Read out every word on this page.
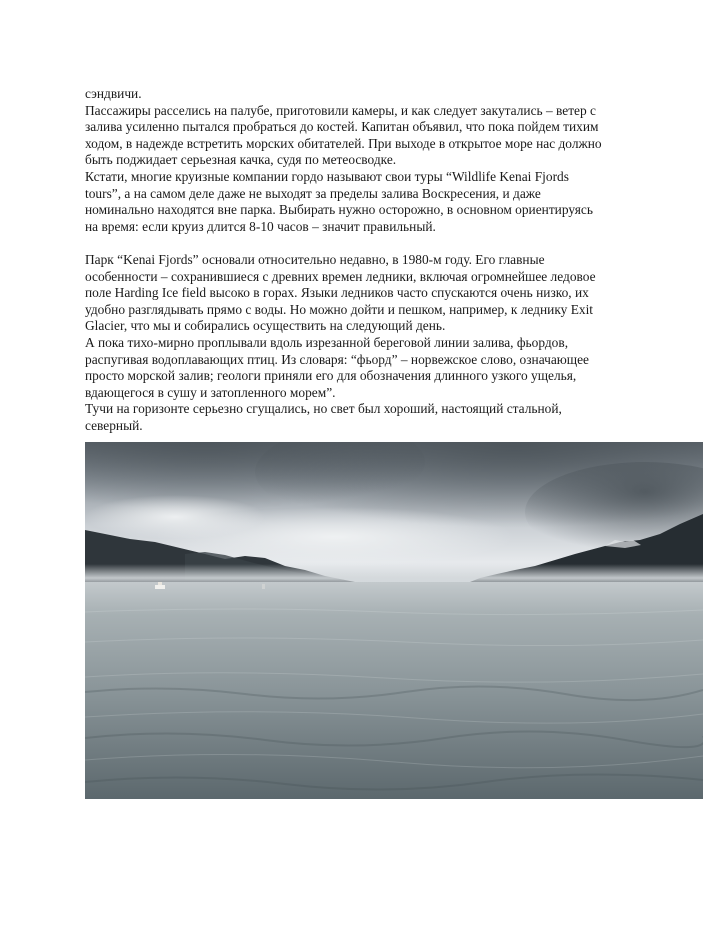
сэндвичи.
Пассажиры расселись на палубе, приготовили камеры, и как следует закутались – ветер с
залива усиленно пытался пробраться до костей. Капитан объявил, что пока пойдем тихим
ходом, в надежде встретить морских обитателей. При выходе в открытое море нас должно
быть поджидает серьезная качка, судя по метеосводке.
Кстати, многие круизные компании гордо называют свои туры “Wildlife Kenai Fjords
tours”, а на самом деле даже не выходят за пределы залива Воскресения, и даже
номинально находятся вне парка. Выбирать нужно осторожно, в основном ориентируясь
на время: если круиз длится 8-10 часов – значит правильный.
Парк “Kenai Fjords” основали относительно недавно, в 1980-м году. Его главные
особенности – сохранившиеся с древних времен ледники, включая огромнейшее ледовое
поле Harding Ice field высоко в горах. Языки ледников часто спускаются очень низко, их
удобно разглядывать прямо с воды. Но можно дойти и пешком, например, к леднику Exit
Glacier, что мы и собирались осуществить на следующий день.
А пока тихо-мирно проплывали вдоль изрезанной береговой линии залива, фьордов,
распугивая водоплавающих птиц. Из словаря: “фьорд” – норвежское слово, означающее
просто морской залив; геологи приняли его для обозначения длинного узкого ущелья,
вдающегося в сушу и затопленного морем”.
Тучи на горизонте серьезно сгущались, но свет был хороший, настоящий стальной,
северный.
